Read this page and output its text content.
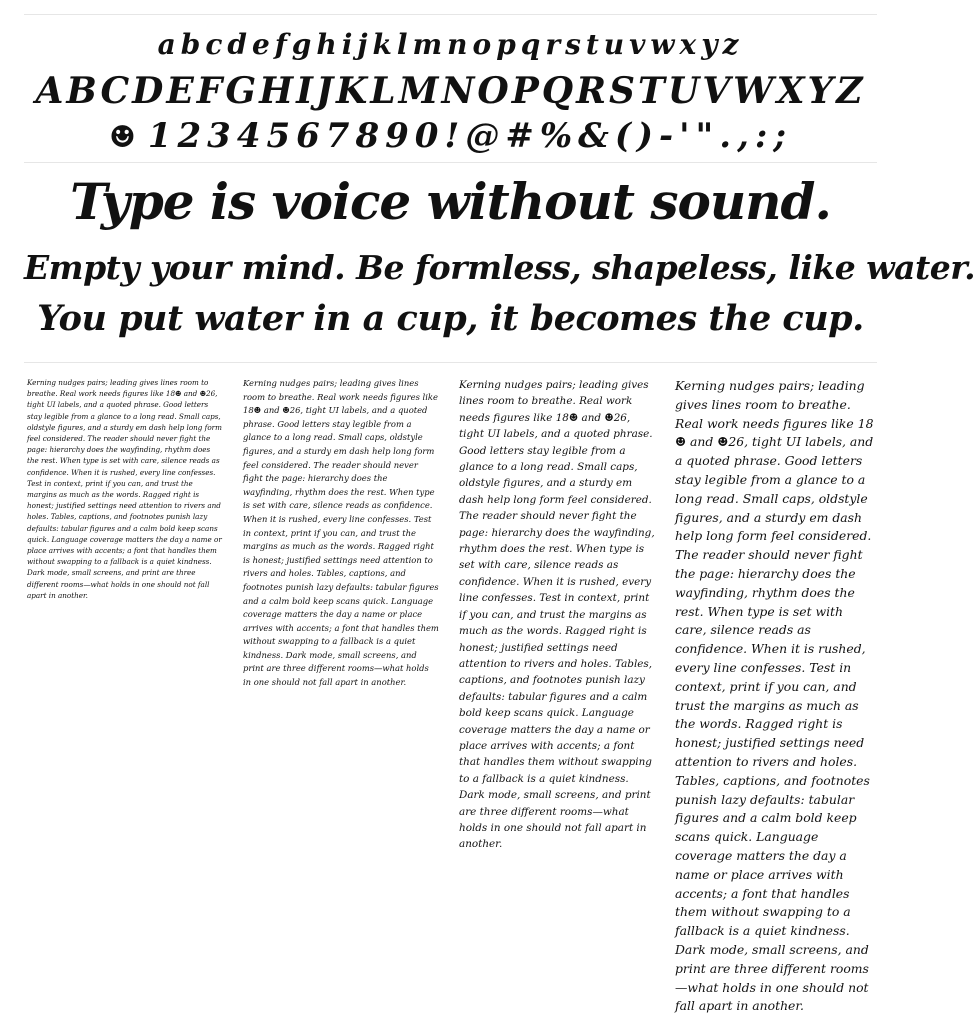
abcdefghijklmnopqrstuvwxyz
ABCDEFGHIJKLMNOPQRSTUVWXYZ
☻ 1234567890!@#%&()-'".,:;
Type is voice without sound.
Empty your mind. Be formless, shapeless, like water.
You put water in a cup, it becomes the cup.
Kerning nudges pairs; leading gives lines room to breathe. Real work needs figures like 18☻ and ☻26, tight UI labels, and a quoted phrase. Good letters stay legible from a glance to a long read. Small caps, oldstyle figures, and a sturdy em dash help long form feel considered. The reader should never fight the page: hierarchy does the wayfinding, rhythm does the rest. When type is set with care, silence reads as confidence. When it is rushed, every line confesses. Test in context, print if you can, and trust the margins as much as the words. Ragged right is honest; justified settings need attention to rivers and holes. Tables, captions, and footnotes punish lazy defaults: tabular figures and a calm bold keep scans quick. Language coverage matters the day a name or place arrives with accents; a font that handles them without swapping to a fallback is a quiet kindness. Dark mode, small screens, and print are three different rooms—what holds in one should not fall apart in another.
Kerning nudges pairs; leading gives lines room to breathe. Real work needs figures like 18☻ and ☻26, tight UI labels, and a quoted phrase. Good letters stay legible from a glance to a long read. Small caps, oldstyle figures, and a sturdy em dash help long form feel considered. The reader should never fight the page: hierarchy does the wayfinding, rhythm does the rest. When type is set with care, silence reads as confidence. When it is rushed, every line confesses. Test in context, print if you can, and trust the margins as much as the words. Ragged right is honest; justified settings need attention to rivers and holes. Tables, captions, and footnotes punish lazy defaults: tabular figures and a calm bold keep scans quick. Language coverage matters the day a name or place arrives with accents; a font that handles them without swapping to a fallback is a quiet kindness. Dark mode, small screens, and print are three different rooms—what holds in one should not fall apart in another.
Kerning nudges pairs; leading gives lines room to breathe. Real work needs figures like 18☻ and ☻26, tight UI labels, and a quoted phrase. Good letters stay legible from a glance to a long read. Small caps, oldstyle figures, and a sturdy em dash help long form feel considered. The reader should never fight the page: hierarchy does the wayfinding, rhythm does the rest. When type is set with care, silence reads as confidence. When it is rushed, every line confesses. Test in context, print if you can, and trust the margins as much as the words. Ragged right is honest; justified settings need attention to rivers and holes. Tables, captions, and footnotes punish lazy defaults: tabular figures and a calm bold keep scans quick. Language coverage matters the day a name or place arrives with accents; a font that handles them without swapping to a fallback is a quiet kindness. Dark mode, small screens, and print are three different rooms—what holds in one should not fall apart in another.
Kerning nudges pairs; leading gives lines room to breathe. Real work needs figures like 18☻ and ☻26, tight UI labels, and a quoted phrase. Good letters stay legible from a glance to a long read. Small caps, oldstyle figures, and a sturdy em dash help long form feel considered. The reader should never fight the page: hierarchy does the wayfinding, rhythm does the rest. When type is set with care, silence reads as confidence. When it is rushed, every line confesses. Test in context, print if you can, and trust the margins as much as the words. Ragged right is honest; justified settings need attention to rivers and holes. Tables, captions, and footnotes punish lazy defaults: tabular figures and a calm bold keep scans quick. Language coverage matters the day a name or place arrives with accents; a font that handles them without swapping to a fallback is a quiet kindness. Dark mode, small screens, and print are three different rooms—what holds in one should not fall apart in another.
